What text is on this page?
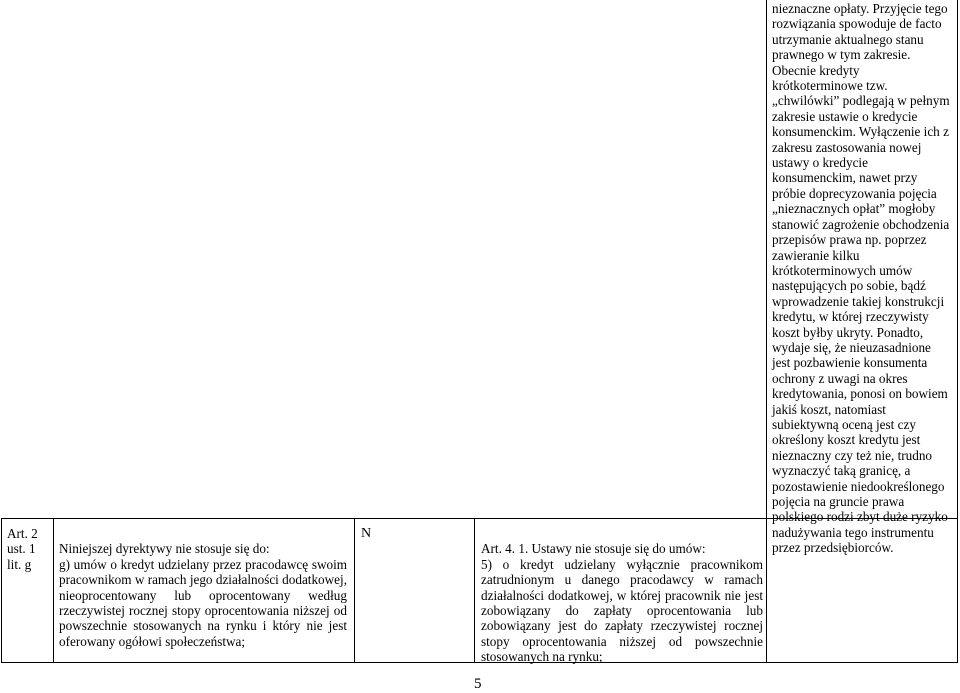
nieznaczne opłaty. Przyjęcie tego rozwiązania spowoduje de facto utrzymanie aktualnego stanu prawnego w tym zakresie. Obecnie kredyty krótkoterminowe tzw. „chwilówki” podlegają w pełnym zakresie ustawie o kredycie konsumenckim. Wyłączenie ich z zakresu zastosowania nowej ustawy o kredycie konsumenckim, nawet przy próbie doprecyzowania pojęcia „nieznacznych opłat” mogłoby stanowić zagrożenie obchodzenia przepisów prawa np. poprzez zawieranie kilku krótkoterminowych umów następujących po sobie, bądź wprowadzenie takiej konstrukcji kredytu, w której rzeczywisty koszt byłby ukryty. Ponadto, wydaje się, że nieuzasadnione jest pozbawienie konsumenta ochrony z uwagi na okres kredytowania, ponosi on bowiem jakiś koszt, natomiast subiektywną oceną jest czy określony koszt kredytu jest nieznaczny czy też nie, trudno wyznaczyć taką granicę, a pozostawienie niedookreślonego pojęcia na gruncie prawa polskiego rodzi zbyt duże ryzyko nadużywania tego instrumentu przez przedsiębiorców.

Art. 2 ust. 1 lit. g

Niniejszej dyrektywy nie stosuje się do:
g) umów o kredyt udzielany przez pracodawcę swoim pracownikom w ramach jego działalności dodatkowej, nieoprocentowany lub oprocentowany według rzeczywistej rocznej stopy oprocentowania niższej od powszechnie stosowanych na rynku i który nie jest oferowany ogółowi społeczeństwa;

N

Art. 4. 1. Ustawy nie stosuje się do umów:
5) o kredyt udzielany wyłącznie pracownikom zatrudnionym u danego pracodawcy w ramach działalności dodatkowej, w której pracownik nie jest zobowiązany do zapłaty oprocentowania lub zobowiązany jest do zapłaty rzeczywistej rocznej stopy oprocentowania niższej od powszechnie stosowanych na rynku;

5
